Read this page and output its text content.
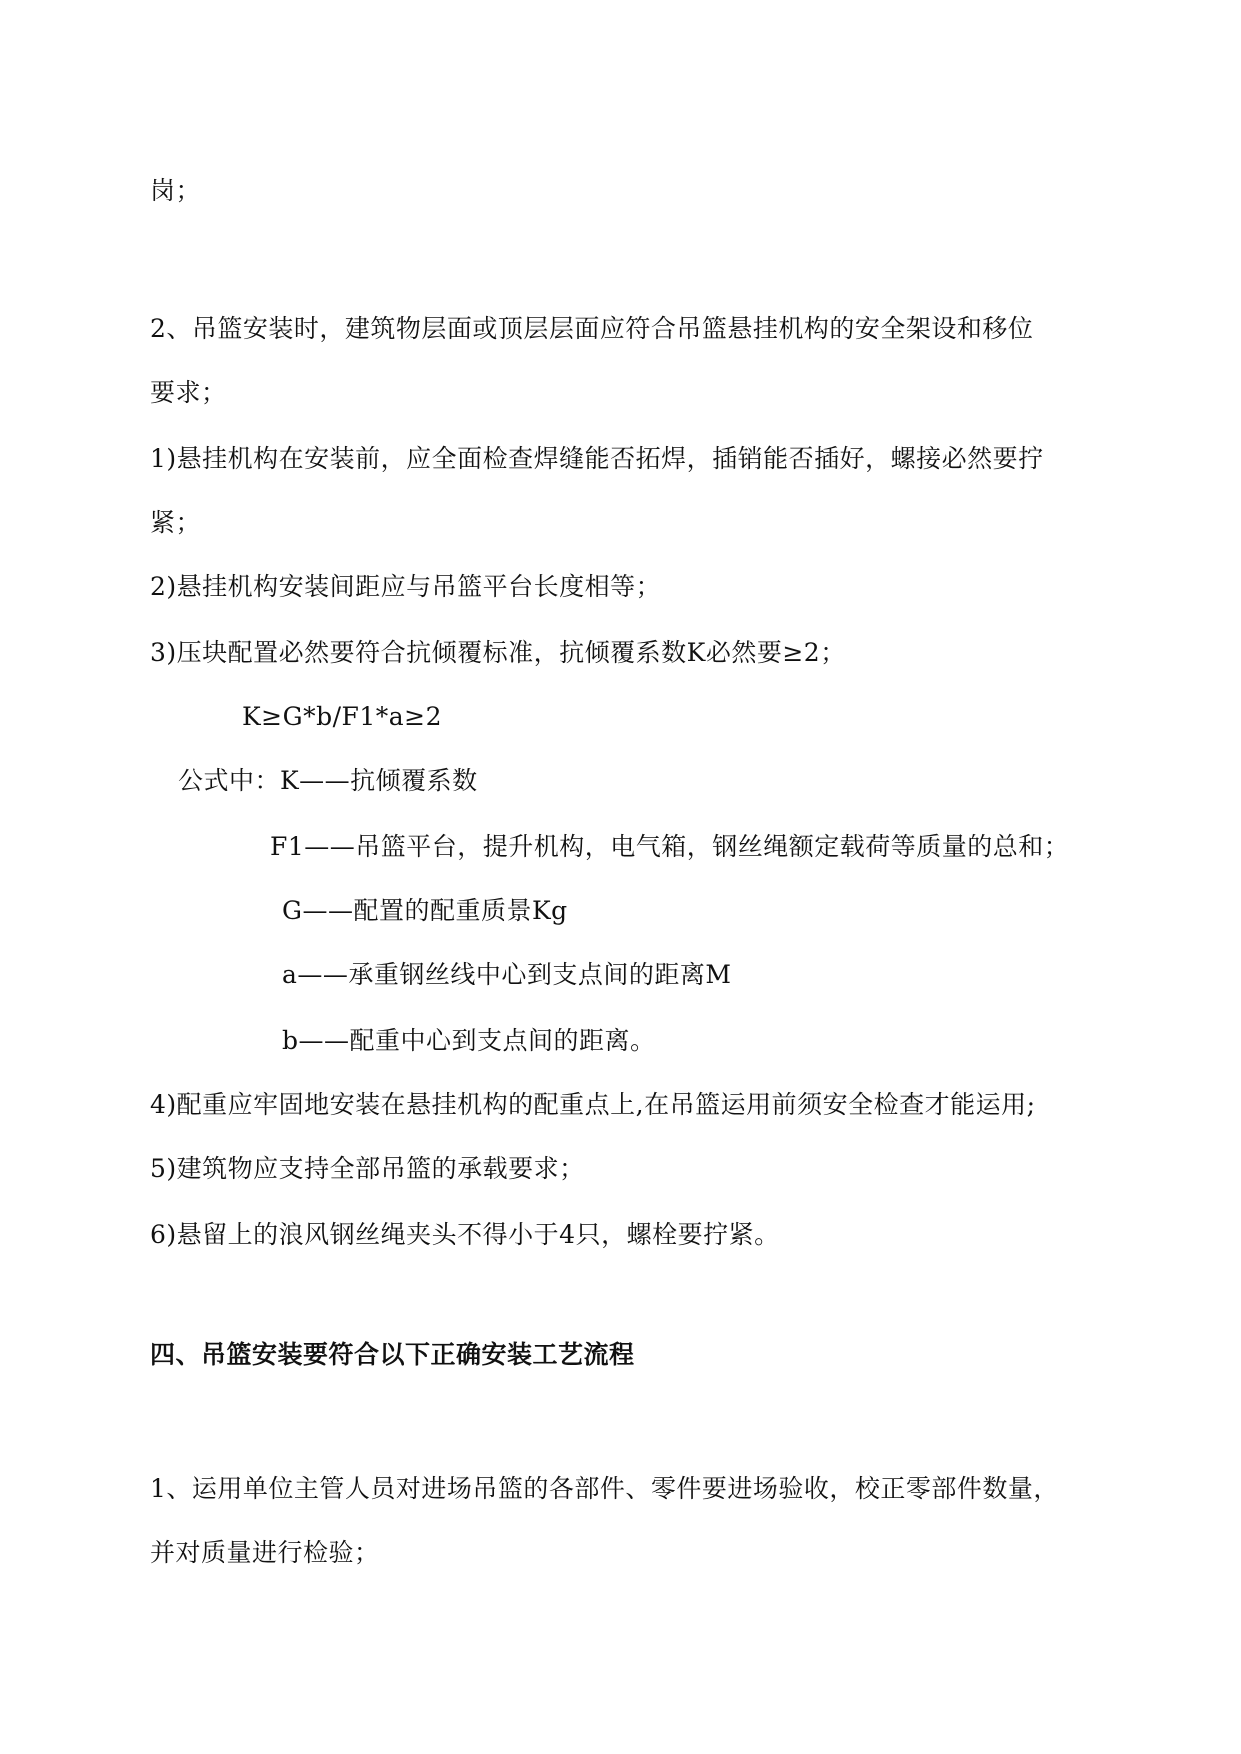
岗；
2、吊篮安装时，建筑物层面或顶层层面应符合吊篮悬挂机构的安全架设和移位
要求；
1)悬挂机构在安装前，应全面检查焊缝能否拓焊，插销能否插好，螺接必然要拧
紧；
2)悬挂机构安装间距应与吊篮平台长度相等；
3)压块配置必然要符合抗倾覆标准，抗倾覆系数K必然要≥2；
K≥G*b/F1*a≥2
公式中：K——抗倾覆系数
F1——吊篮平台，提升机构，电气箱，钢丝绳额定载荷等质量的总和；
G——配置的配重质景Kg
a——承重钢丝线中心到支点间的距离M
b——配重中心到支点间的距离。
4)配重应牢固地安装在悬挂机构的配重点上,在吊篮运用前须安全检查才能运用;
5)建筑物应支持全部吊篮的承载要求；
6)悬留上的浪风钢丝绳夹头不得小于4只，螺栓要拧紧。
四、吊篮安装要符合以下正确安装工艺流程
1、运用单位主管人员对进场吊篮的各部件、零件要进场验收，校正零部件数量，
并对质量进行检验；
